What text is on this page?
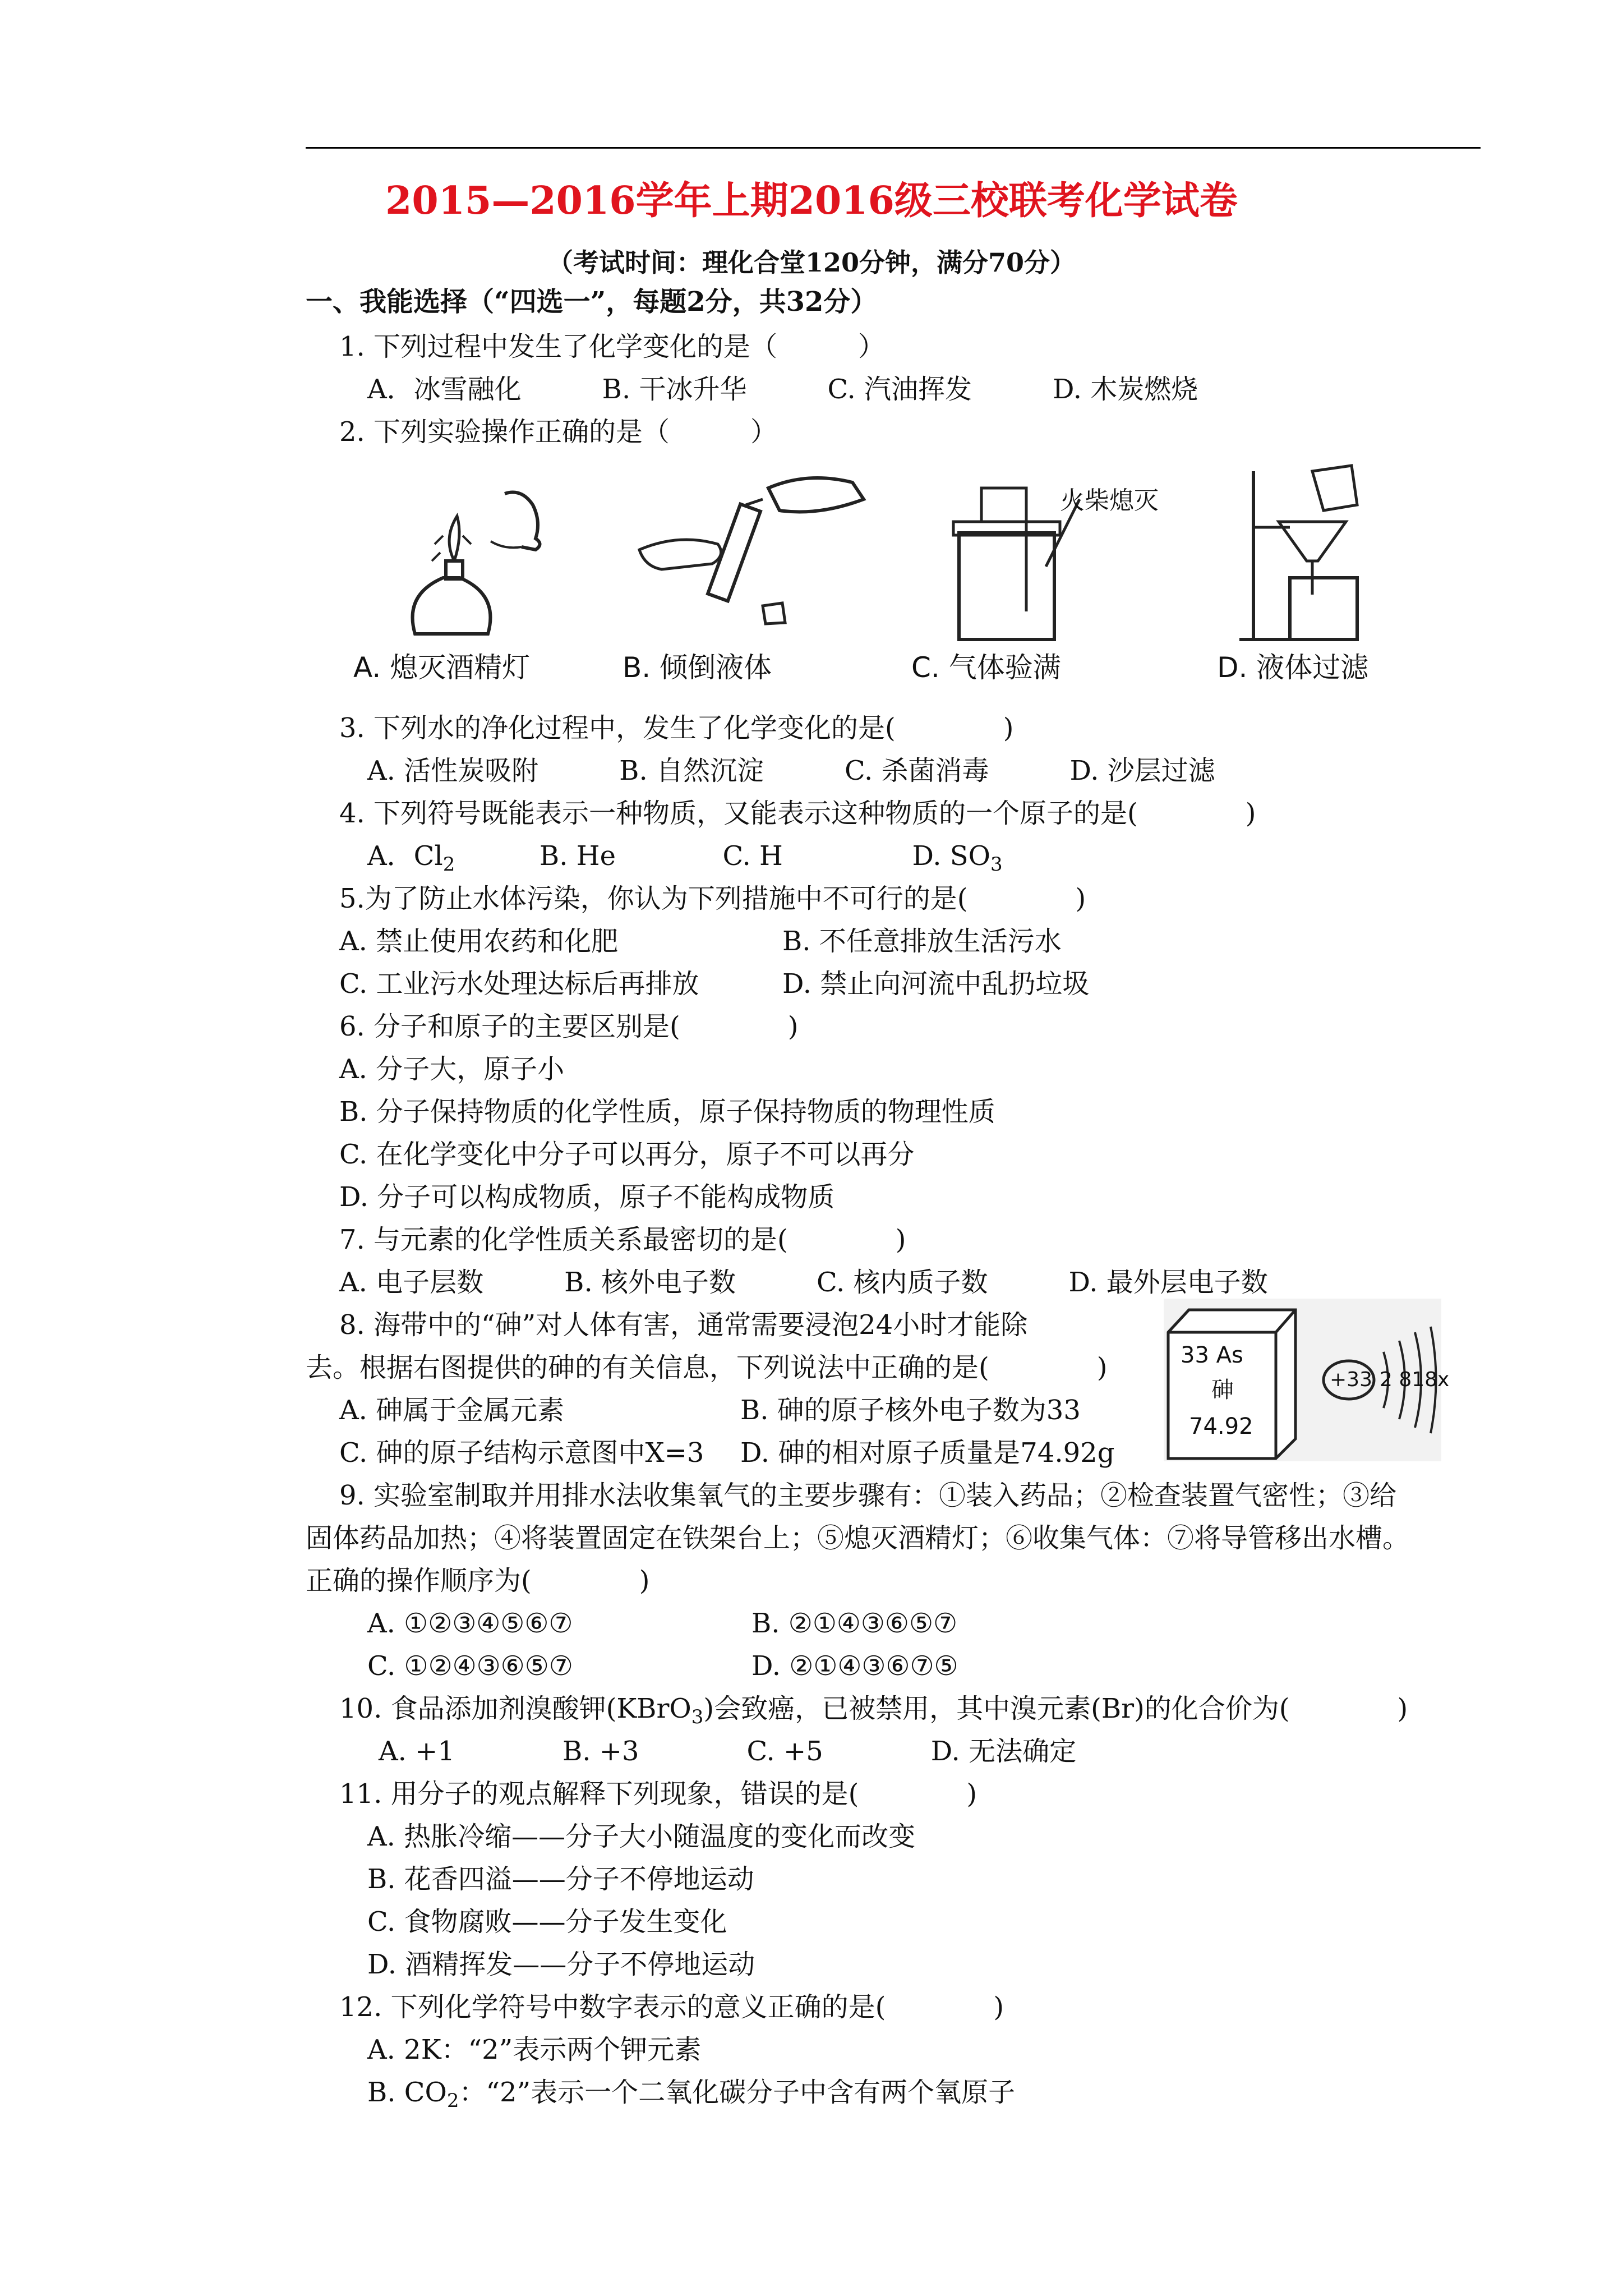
2015—2016学年上期2016级三校联考化学试卷
（考试时间：理化合堂120分钟，满分70分）
一、我能选择（“四选一”，每题2分，共32分）
1. 下列过程中发生了化学变化的是（　　　）
A．冰雪融化　　　B. 干冰升华　　　C. 汽油挥发　　　D. 木炭燃烧
2. 下列实验操作正确的是（　　　）
火柴熄灭
A. 熄灭酒精灯	B. 倾倒液体	C. 气体验满	D. 液体过滤
3. 下列水的净化过程中，发生了化学变化的是(　　　　)
A. 活性炭吸附　　　B. 自然沉淀　　　C. 杀菌消毒　　　D. 沙层过滤
4. 下列符号既能表示一种物质，又能表示这种物质的一个原子的是(　　　　)
A．$Cl_2$	B. He	C. H	D. $SO_3$
5.为了防止水体污染，你认为下列措施中不可行的是(　　　　)
A. 禁止使用农药和化肥	B. 不任意排放生活污水
C. 工业污水处理达标后再排放	D. 禁止向河流中乱扔垃圾
6. 分子和原子的主要区别是(　　　　)
A. 分子大，原子小
B. 分子保持物质的化学性质，原子保持物质的物理性质
C. 在化学变化中分子可以再分，原子不可以再分
D. 分子可以构成物质，原子不能构成物质
7. 与元素的化学性质关系最密切的是(　　　　)
A. 电子层数　　　B. 核外电子数　　　C. 核内质子数　　　D. 最外层电子数
8. 海带中的“砷”对人体有害，通常需要浸泡24小时才能除
去。根据右图提供的砷的有关信息，下列说法中正确的是(　　　　)
A. 砷属于金属元素	B. 砷的原子核外电子数为33
C. 砷的原子结构示意图中X=3 D. 砷的相对原子质量是74.92g
33 As
砷
74.92
+33 2 818x
9. 实验室制取并用排水法收集氧气的主要步骤有：①装入药品；②检查装置气密性；③给
固体药品加热；④将装置固定在铁架台上；⑤熄灭酒精灯；⑥收集气体：⑦将导管移出水槽。
正确的操作顺序为(　　　　)
A. ①②③④⑤⑥⑦	B. ②①④③⑥⑤⑦
C. ①②④③⑥⑤⑦	D. ②①④③⑥⑦⑤
10. 食品添加剂溴酸钾(KBrO$_3$)会致癌，已被禁用，其中溴元素(Br)的化合价为(　　　　)
A. +1　　　　B. +3　　　　C. +5　　　　D. 无法确定
11. 用分子的观点解释下列现象，错误的是(　　　　)
A. 热胀冷缩——分子大小随温度的变化而改变
B. 花香四溢——分子不停地运动
C. 食物腐败——分子发生变化
D. 酒精挥发——分子不停地运动
12. 下列化学符号中数字表示的意义正确的是(　　　　)
A. 2K：“2”表示两个钾元素
B. $CO_2$：“2”表示一个二氧化碳分子中含有两个氧原子
